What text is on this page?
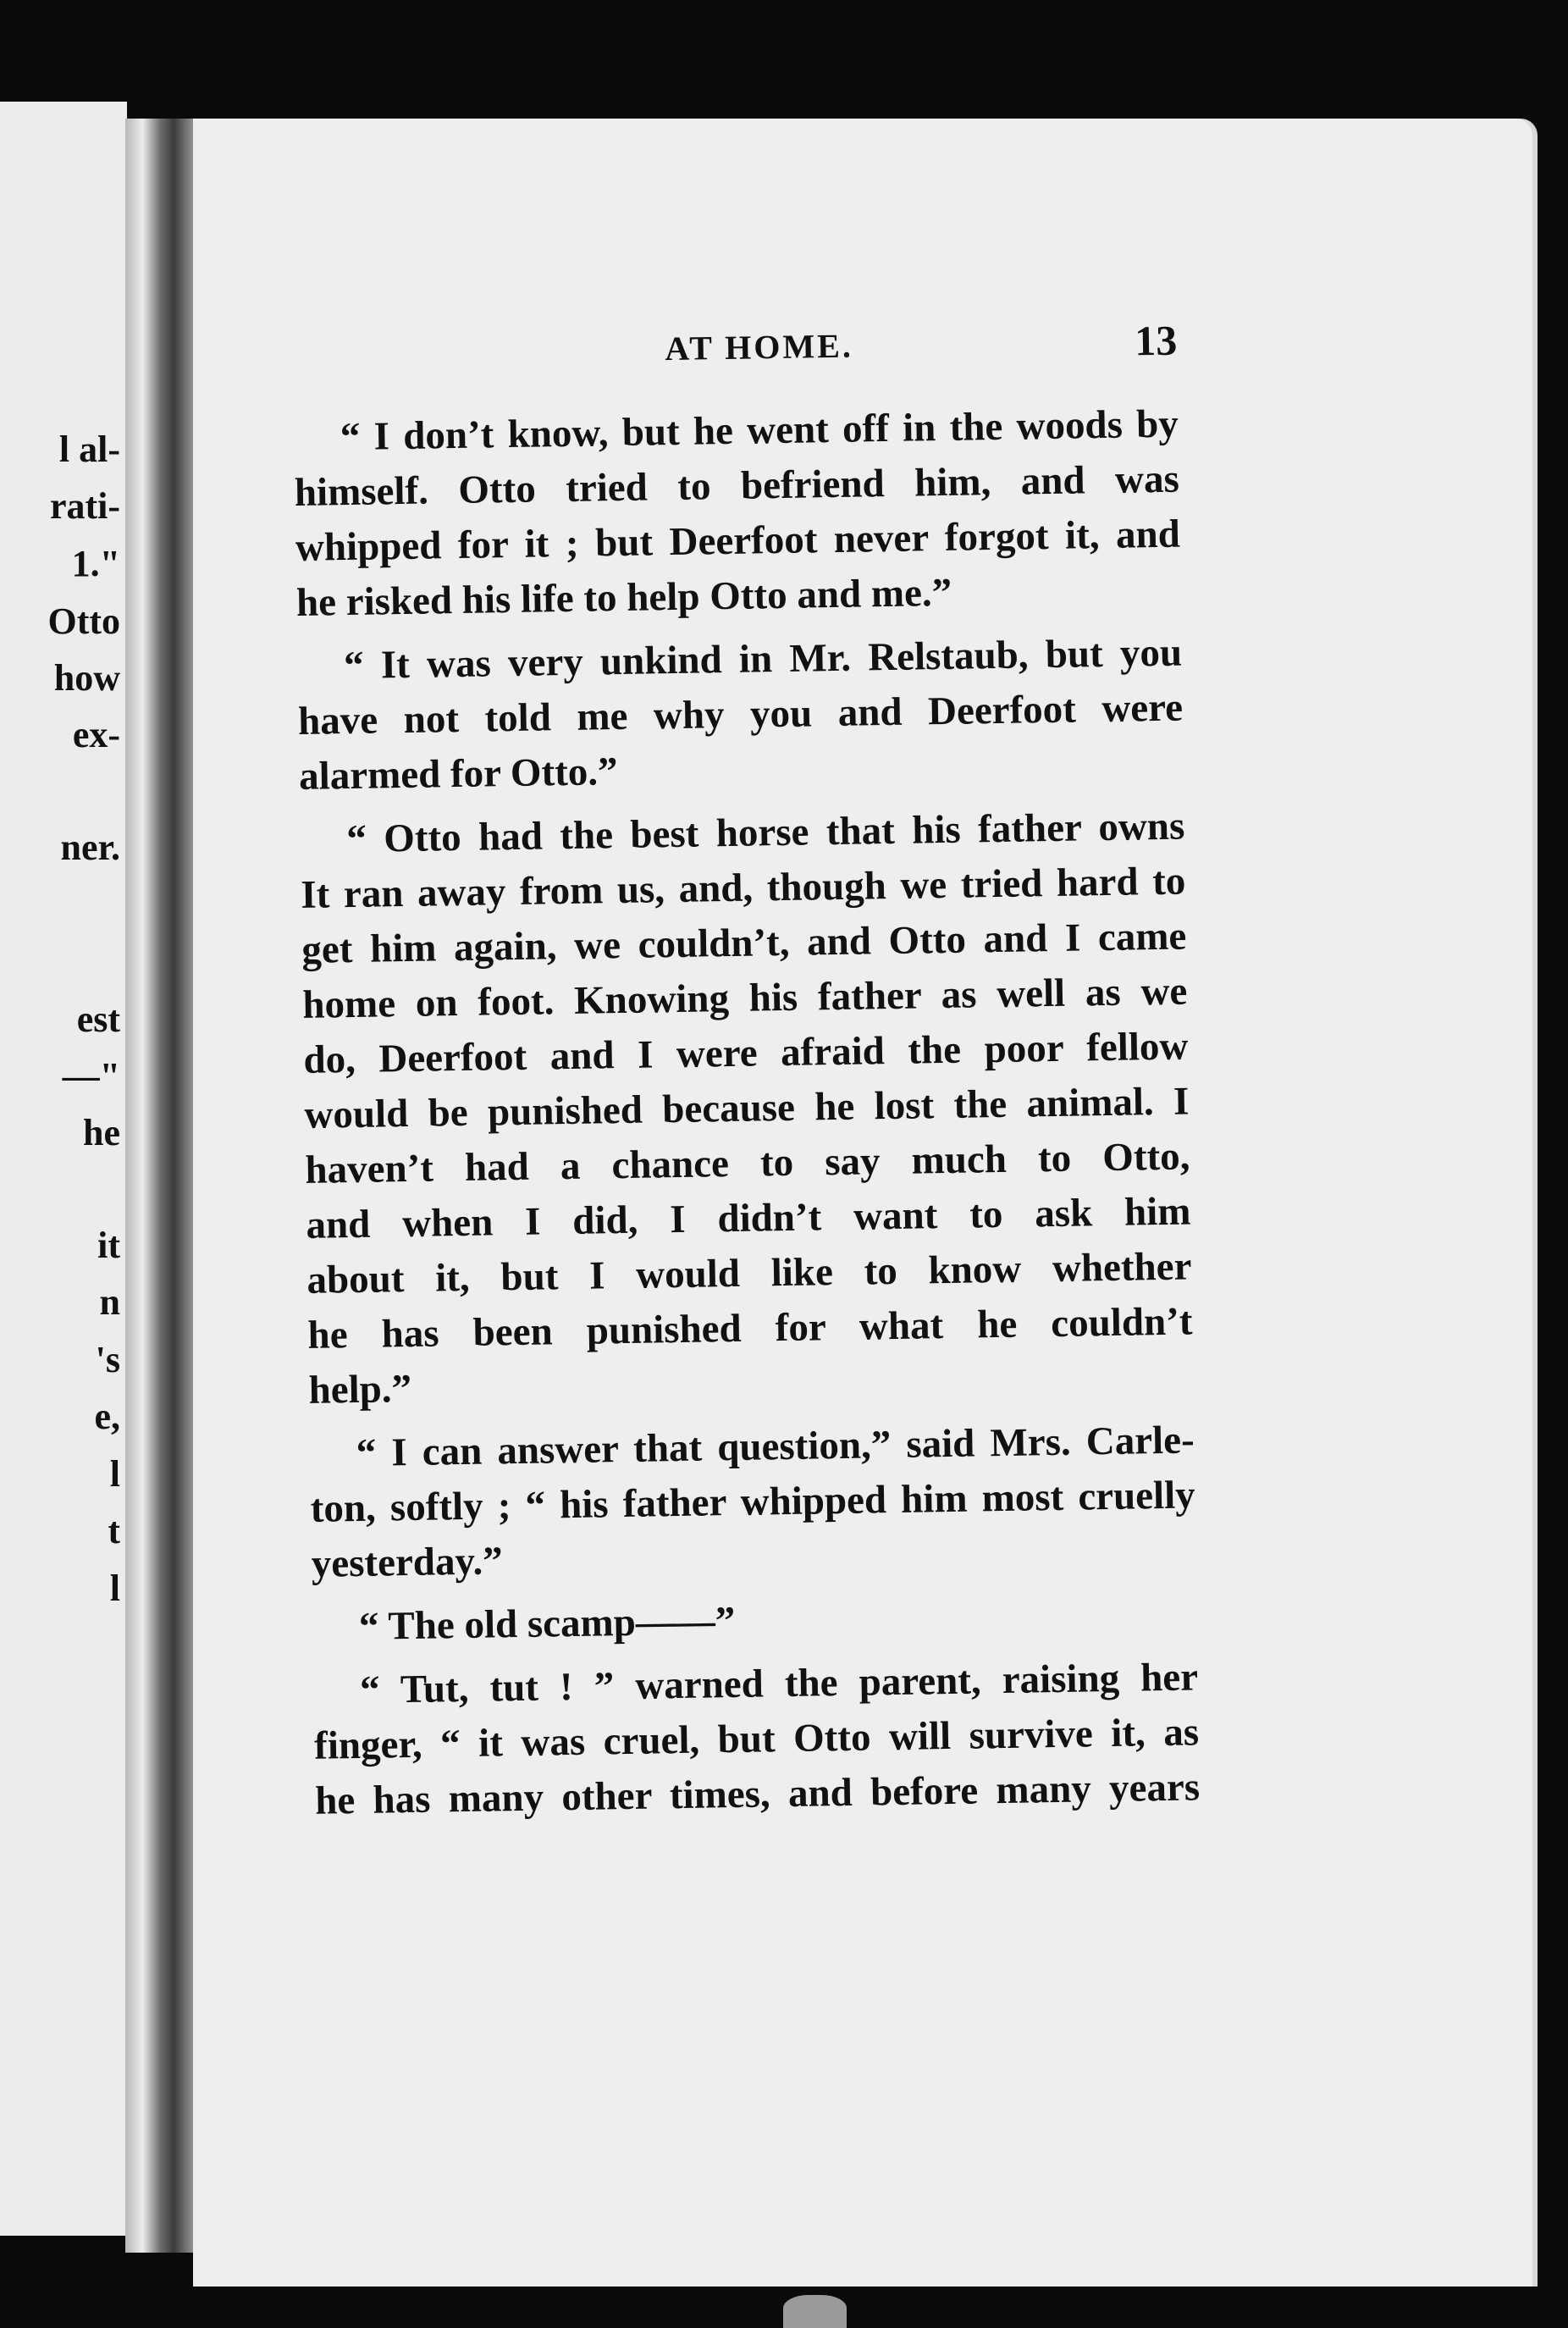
l al-
rati-
1."
Otto
how
ex-
ner.
est
—"
he
it
n
's
e,
l
t
l
AT HOME.	13

“ I don’t know, but he went off in the woods by
himself. Otto tried to befriend him, and was
whipped for it ; but Deerfoot never forgot it, and
he risked his life to help Otto and me.”

“ It was very unkind in Mr. Relstaub, but you
have not told me why you and Deerfoot were
alarmed for Otto.”

“ Otto had the best horse that his father owns
It ran away from us, and, though we tried hard to
get him again, we couldn’t, and Otto and I came
home on foot. Knowing his father as well as we
do, Deerfoot and I were afraid the poor fellow
would be punished because he lost the animal. I
haven’t had a chance to say much to Otto,
and when I did, I didn’t want to ask him
about it, but I would like to know whether
he has been punished for what he couldn’t
help.”

“ I can answer that question,” said Mrs. Carle-
ton, softly ; “ his father whipped him most cruelly
yesterday.”

“ The old scamp——”

“ Tut, tut ! ” warned the parent, raising her
finger, “ it was cruel, but Otto will survive it, as
he has many other times, and before many years
